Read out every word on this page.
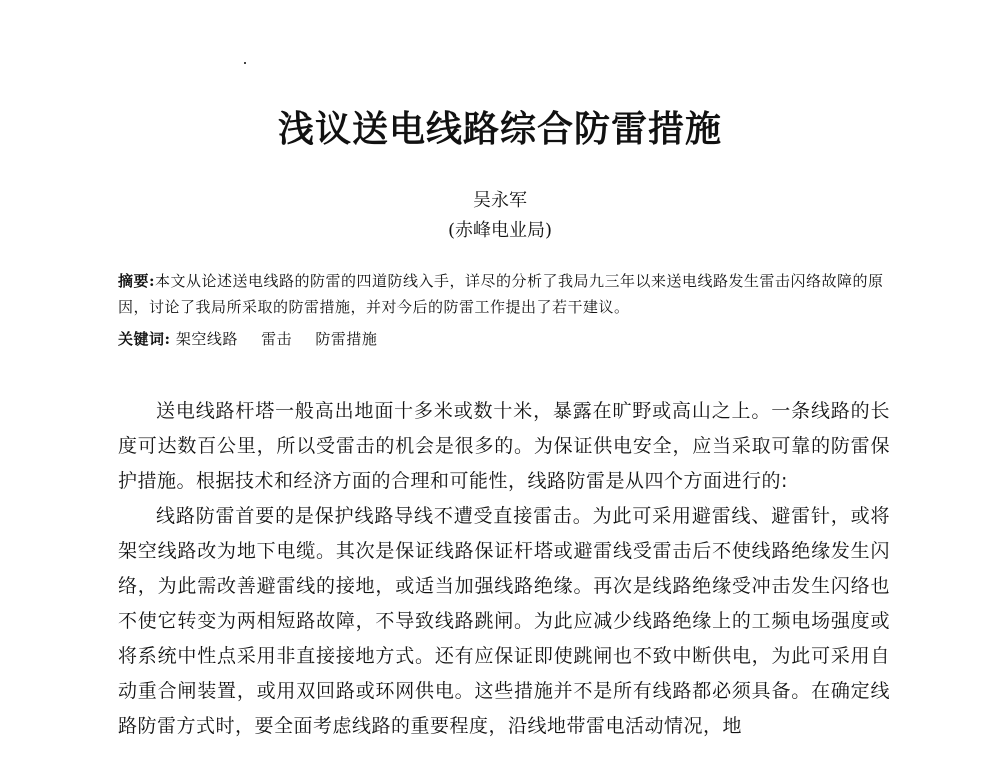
浅议送电线路综合防雷措施
吴永军
(赤峰电业局)
摘要:本文从论述送电线路的防雷的四道防线入手，详尽的分析了我局九三年以来送电线路发生雷击闪络故障的原因，讨论了我局所采取的防雷措施，并对今后的防雷工作提出了若干建议。
关键词: 架空线路 雷击 防雷措施

送电线路杆塔一般高出地面十多米或数十米，暴露在旷野或高山之上。一条线路的长度可达数百公里，所以受雷击的机会是很多的。为保证供电安全，应当采取可靠的防雷保护措施。根据技术和经济方面的合理和可能性，线路防雷是从四个方面进行的:

线路防雷首要的是保护线路导线不遭受直接雷击。为此可采用避雷线、避雷针，或将架空线路改为地下电缆。其次是保证线路保证杆塔或避雷线受雷击后不使线路绝缘发生闪络，为此需改善避雷线的接地，或适当加强线路绝缘。再次是线路绝缘受冲击发生闪络也不使它转变为两相短路故障，不导致线路跳闸。为此应减少线路绝缘上的工频电场强度或将系统中性点采用非直接接地方式。还有应保证即使跳闸也不致中断供电，为此可采用自动重合闸装置，或用双回路或环网供电。这些措施并不是所有线路都必须具备。在确定线路防雷方式时，要全面考虑线路的重要程度，沿线地带雷电活动情况，地
